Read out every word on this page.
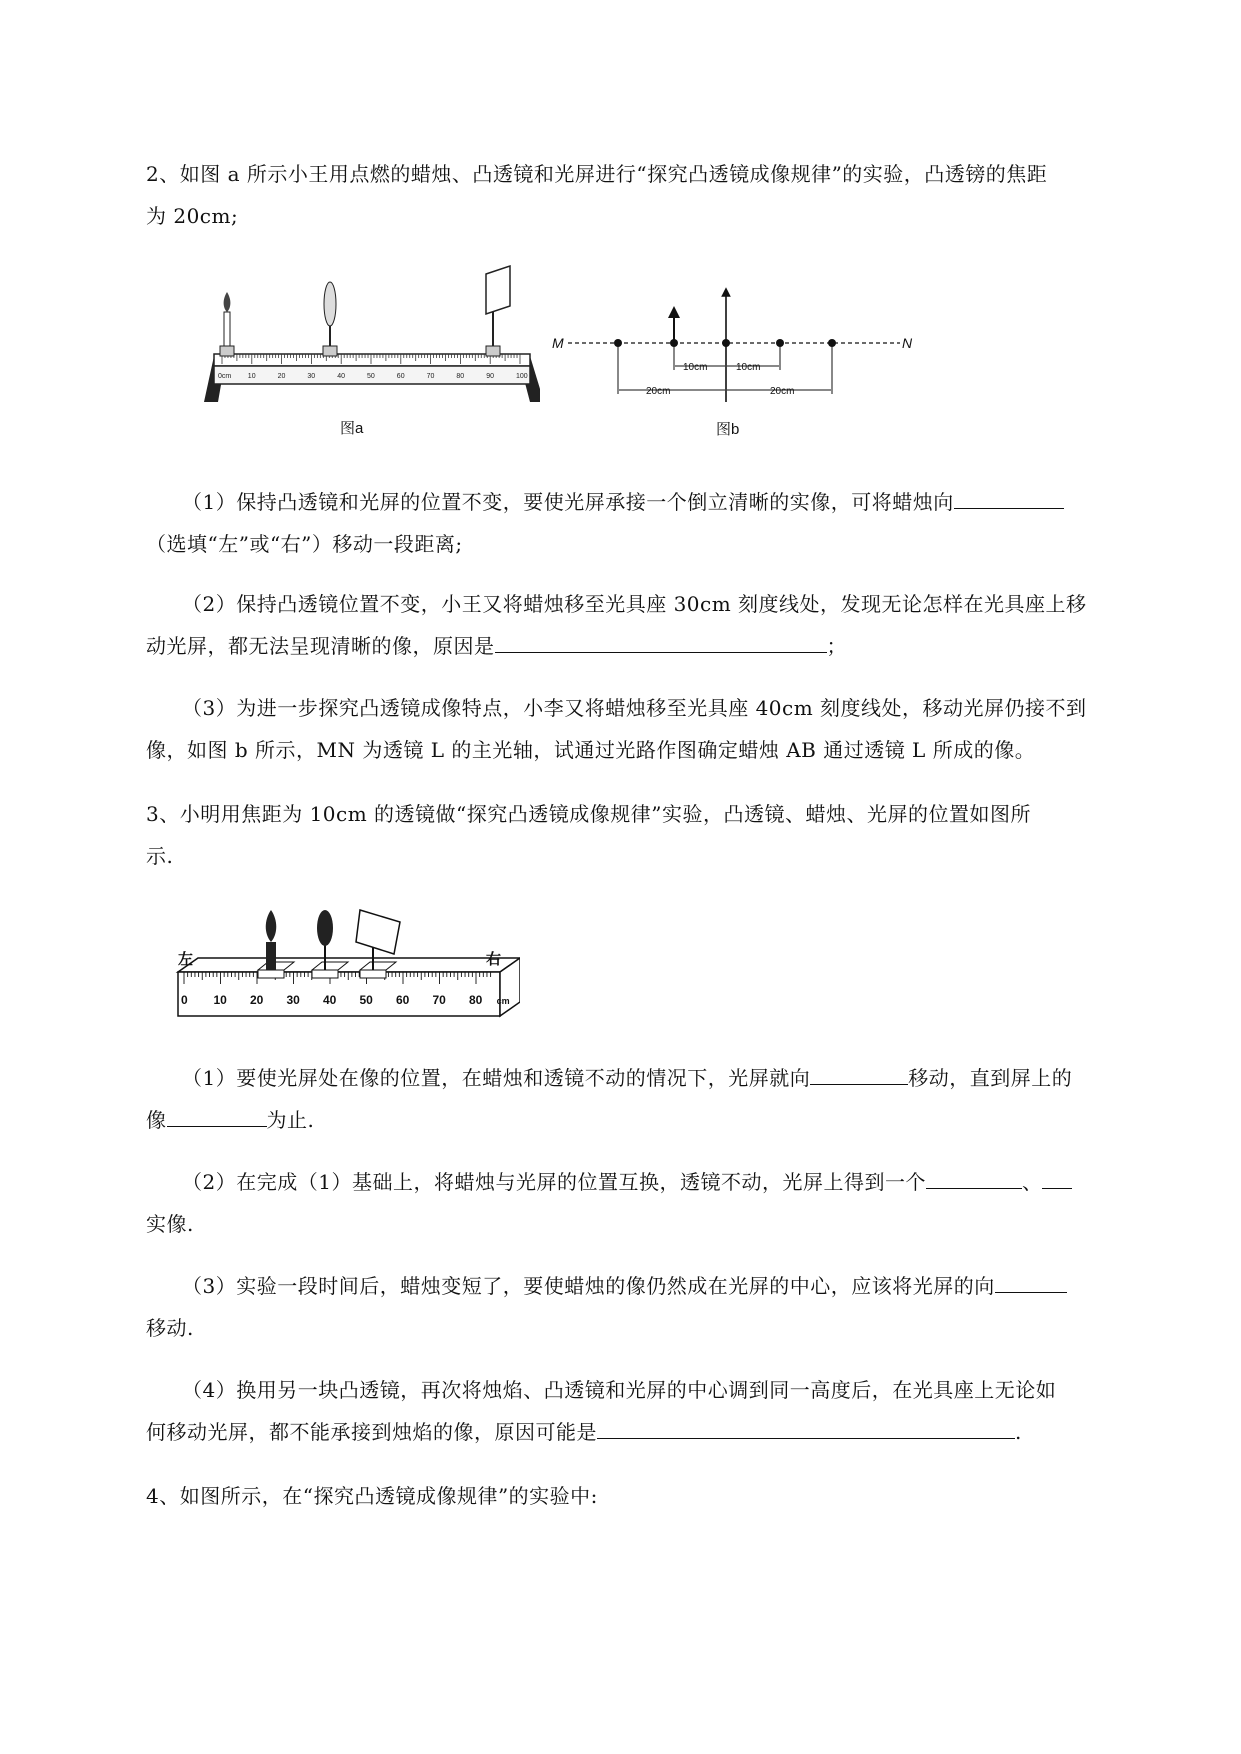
2、如图 a 所示小王用点燃的蜡烛、凸透镜和光屏进行“探究凸透镜成像规律”的实验，凸透镑的焦距
为 20cm;
0cm 10	20	30	40	50	60	70	80	90	100
图a
M	N
10cm	10cm
20cm	20cm
图b
（1）保持凸透镜和光屏的位置不变，要使光屏承接一个倒立清晰的实像，可将蜡烛向
（选填“左”或“右”）移动一段距离;
（2）保持凸透镜位置不变，小王又将蜡烛移至光具座 30cm 刻度线处，发现无论怎样在光具座上移
动光屏，都无法呈现清晰的像，原因是	；
（3）为进一步探究凸透镜成像特点，小李又将蜡烛移至光具座 40cm 刻度线处，移动光屏仍接不到
像，如图 b 所示，MN 为透镜 L 的主光轴，试通过光路作图确定蜡烛 AB 通过透镜 L 所成的像。
3、小明用焦距为 10cm 的透镜做“探究凸透镜成像规律”实验，凸透镜、蜡烛、光屏的位置如图所
示.
0 10 20 30 40 50 60 70 80 cm
左	右
（1）要使光屏处在像的位置，在蜡烛和透镜不动的情况下，光屏就向	移动，直到屏上的
像	为止.
（2）在完成（1）基础上，将蜡烛与光屏的位置互换，透镜不动，光屏上得到一个	、
实像.
（3）实验一段时间后，蜡烛变短了，要使蜡烛的像仍然成在光屏的中心，应该将光屏的向
移动.
（4）换用另一块凸透镜，再次将烛焰、凸透镜和光屏的中心调到同一高度后，在光具座上无论如
何移动光屏，都不能承接到烛焰的像，原因可能是	.
4、如图所示，在“探究凸透镜成像规律”的实验中:
